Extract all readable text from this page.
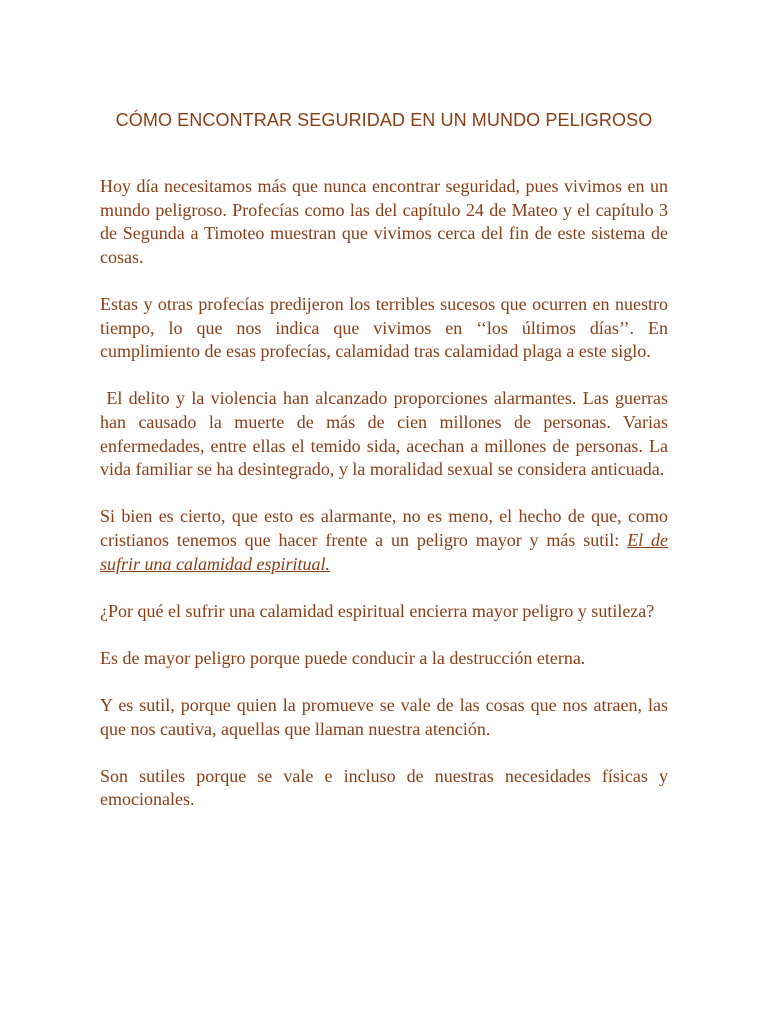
CÓMO ENCONTRAR SEGURIDAD EN UN MUNDO PELIGROSO

Hoy día necesitamos más que nunca encontrar seguridad, pues vivimos en un mundo peligroso. Profecías como las del capítulo 24 de Mateo y el capítulo 3 de Segunda a Timoteo muestran que vivimos cerca del fin de este sistema de cosas.

Estas y otras profecías predijeron los terribles sucesos que ocurren en nuestro tiempo, lo que nos indica que vivimos en ‘‘los últimos días’’. En cumplimiento de esas profecías, calamidad tras calamidad plaga a este siglo.

El delito y la violencia han alcanzado proporciones alarmantes. Las guerras han causado la muerte de más de cien millones de personas. Varias enfermedades, entre ellas el temido sida, acechan a millones de personas. La vida familiar se ha desintegrado, y la moralidad sexual se considera anticuada.

Si bien es cierto, que esto es alarmante, no es meno, el hecho de que, como cristianos tenemos que hacer frente a un peligro mayor y más sutil: El de sufrir una calamidad espiritual.

¿Por qué el sufrir una calamidad espiritual encierra mayor peligro y sutileza?

Es de mayor peligro porque puede conducir a la destrucción eterna.

Y es sutil, porque quien la promueve se vale de las cosas que nos atraen, las que nos cautiva, aquellas que llaman nuestra atención.

Son sutiles porque se vale e incluso de nuestras necesidades físicas y emocionales.
